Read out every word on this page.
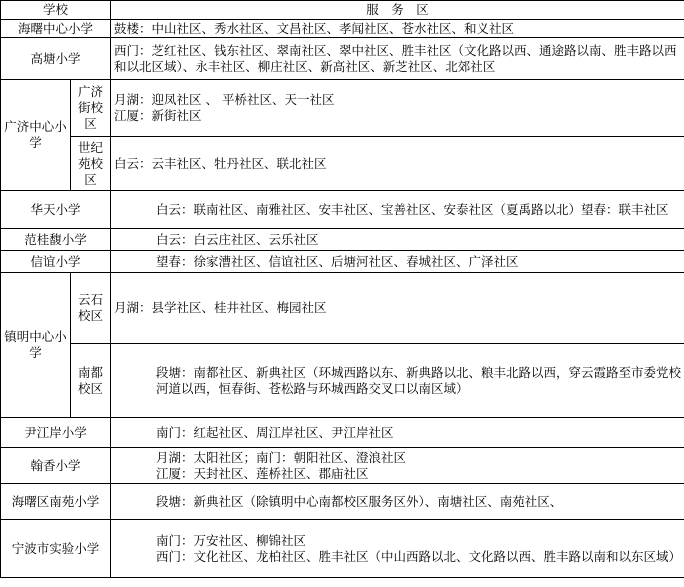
学校		服　务　区
海曙中心小学		鼓楼：中山社区、秀水社区、文昌社区、孝闻社区、苍水社区、和义社区

高塘小学		西门：芝红社区、钱东社区、翠南社区、翠中社区、胜丰社区（文化路以西、通途路以南、胜丰路以西和以北区域）、永丰社区、柳庄社区、新高社区、新芝社区、北郊社区
广济中心小学	广济街校区	月湖：迎凤社区 、 平桥社区、天一社区
江厦：新街社区

	世纪苑校区	白云：云丰社区、牡丹社区、联北社区

华天小学		白云：联南社区、南雅社区、安丰社区、宝善社区、安泰社区（夏禹路以北）望春：联丰社区
范桂馥小学		白云：白云庄社区、云乐社区

信谊小学		望春：徐家漕社区、信谊社区、后塘河社区、春城社区、广泽社区

镇明中心小学	云石校区	月湖：县学社区、桂井社区、梅园社区

	南都校区	段塘：南都社区、新典社区（环城西路以东、新典路以北、粮丰北路以西，穿云霞路至市委党校河道以西，恒春街、苍松路与环城西路交叉口以南区域）
尹江岸小学		南门：红起社区、周江岸社区、尹江岸社区

翰香小学		月湖：太阳社区；南门：朝阳社区、澄浪社区
江厦：天封社区、莲桥社区、郡庙社区

海曙区南苑小学		段塘：新典社区（除镇明中心南都校区服务区外）、南塘社区、南苑社区、

宁波市实验小学		南门：万安社区、柳锦社区
西门：文化社区、龙柏社区、胜丰社区（中山西路以北、文化路以西、胜丰路以南和以东区域）
